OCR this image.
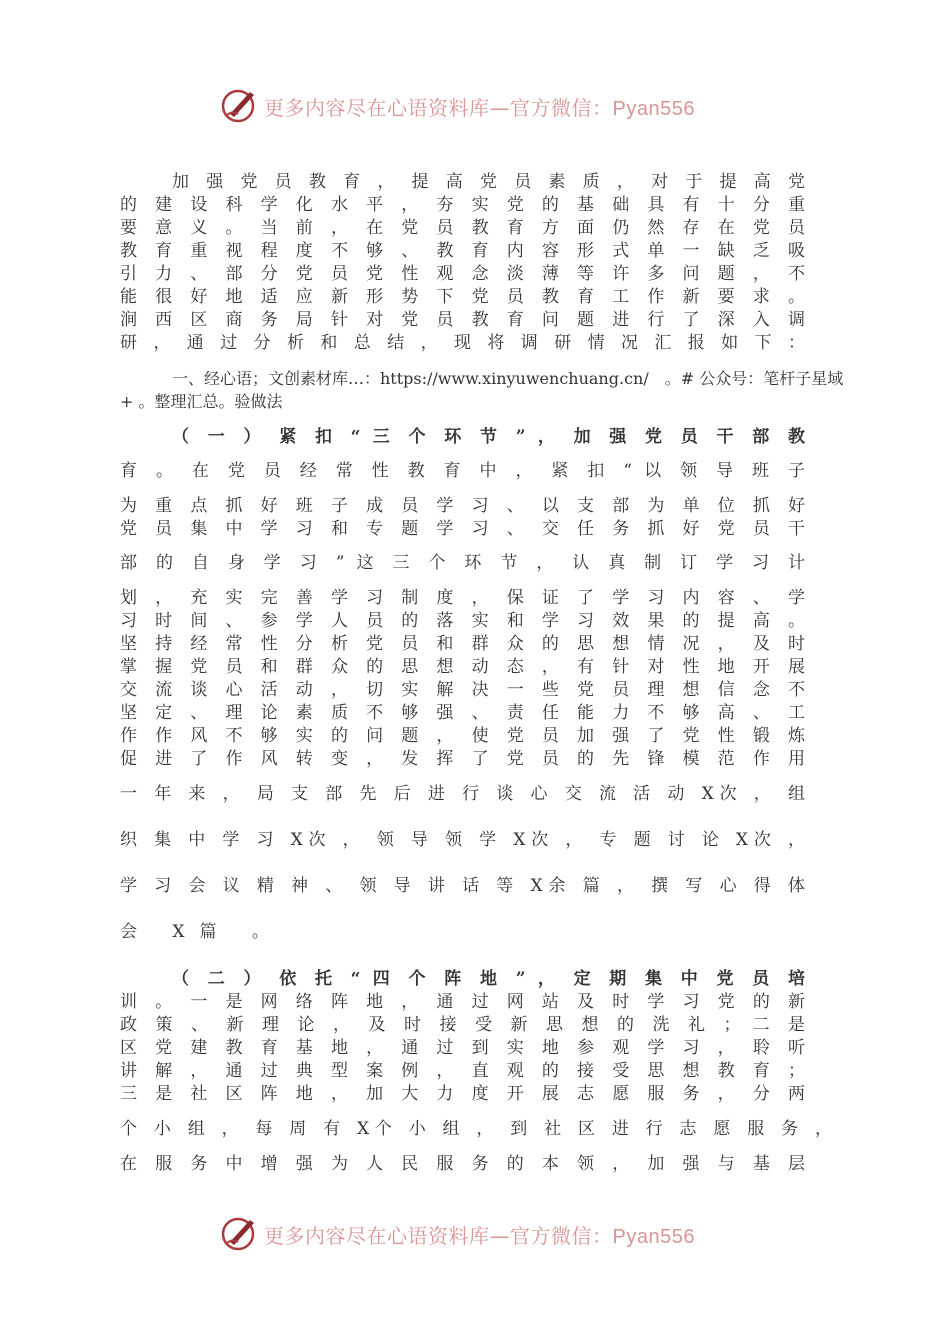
更多内容尽在心语资料库—官方微信：Pyan556
加 强 党 员 教 育 ， 提 高 党 员 素 质 ， 对 于 提 高 党
的 建 设 科 学 化 水 平 ， 夯 实 党 的 基 础 具 有 十 分 重
要 意 义 。 当 前 ， 在 党 员 教 育 方 面 仍 然 存 在 党 员
教 育 重 视 程 度 不 够 、 教 育 内 容 形 式 单 一 缺 乏 吸
引 力 、 部 分 党 员 党 性 观 念 淡 薄 等 许 多 问 题 ， 不
能 很 好 地 适 应 新 形 势 下 党 员 教 育 工 作 新 要 求 。
涧 西 区 商 务 局 针 对 党 员 教 育 问 题 进 行 了 深 入 调
研 ， 通 过 分 析 和 总 结 ， 现 将 调 研 情 况 汇 报 如 下 ：
一、经心语；文创素材库…：https://www.xinyuwenchuang.cn/　。# 公众号：笔杆子星域
+ 。整理汇总。验做法
（ 一 ） 紧 扣 “ 三 个 环 节 ” ， 加 强 党 员 干 部 教
育 。 在 党 员 经 常 性 教 育 中 ， 紧 扣 “ 以 领 导 班 子
为 重 点 抓 好 班 子 成 员 学 习 、 以 支 部 为 单 位 抓 好
党 员 集 中 学 习 和 专 题 学 习 、 交 任 务 抓 好 党 员 干
部 的 自 身 学 习 ” 这 三 个 环 节 ， 认 真 制 订 学 习 计
划 ， 充 实 完 善 学 习 制 度 ， 保 证 了 学 习 内 容 、 学
习 时 间 、 参 学 人 员 的 落 实 和 学 习 效 果 的 提 高 。
坚 持 经 常 性 分 析 党 员 和 群 众 的 思 想 情 况 ， 及 时
掌 握 党 员 和 群 众 的 思 想 动 态 ， 有 针 对 性 地 开 展
交 流 谈 心 活 动 ， 切 实 解 决 一 些 党 员 理 想 信 念 不
坚 定 、 理 论 素 质 不 够 强 、 责 任 能 力 不 够 高 、 工
作 作 风 不 够 实 的 问 题 ， 使 党 员 加 强 了 党 性 锻 炼
促 进 了 作 风 转 变 ， 发 挥 了 党 员 的 先 锋 模 范 作 用
一 年 来 ， 局 支 部 先 后 进 行 谈 心 交 流 活 动 X次 ， 组
织 集 中 学 习 X次 ， 领 导 领 学 X次 ， 专 题 讨 论 X次 ，
学 习 会 议 精 神 、 领 导 讲 话 等 X余 篇 ， 撰 写 心 得 体
会 X篇 。
（ 二 ） 依 托 “ 四 个 阵 地 ” ， 定 期 集 中 党 员 培
训 。 一 是 网 络 阵 地 ， 通 过 网 站 及 时 学 习 党 的 新
政 策 、 新 理 论 ， 及 时 接 受 新 思 想 的 洗 礼 ； 二 是
区 党 建 教 育 基 地 ， 通 过 到 实 地 参 观 学 习 ， 聆 听
讲 解 ， 通 过 典 型 案 例 ， 直 观 的 接 受 思 想 教 育 ；
三 是 社 区 阵 地 ， 加 大 力 度 开 展 志 愿 服 务 ， 分 两
个 小 组 ， 每 周 有 X个 小 组 ， 到 社 区 进 行 志 愿 服 务 ，
在 服 务 中 增 强 为 人 民 服 务 的 本 领 ， 加 强 与 基 层
更多内容尽在心语资料库—官方微信：Pyan556
